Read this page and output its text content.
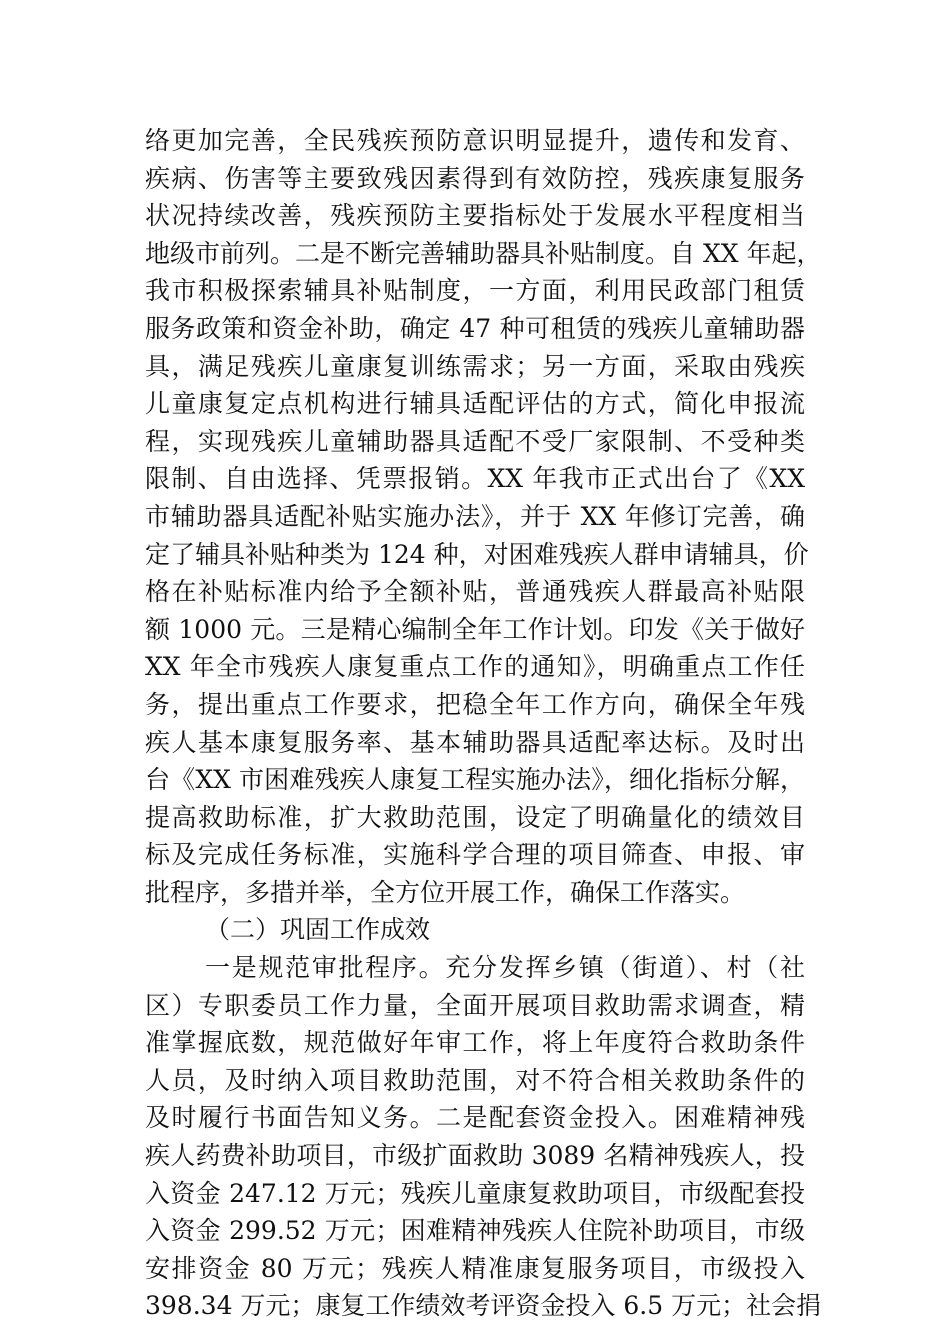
络更加完善，全民残疾预防意识明显提升，遗传和发育、
疾病、伤害等主要致残因素得到有效防控，残疾康复服务
状况持续改善，残疾预防主要指标处于发展水平程度相当
地级市前列。二是不断完善辅助器具补贴制度。自 XX 年起，
我市积极探索辅具补贴制度，一方面，利用民政部门租赁
服务政策和资金补助，确定 47 种可租赁的残疾儿童辅助器
具，满足残疾儿童康复训练需求；另一方面，采取由残疾
儿童康复定点机构进行辅具适配评估的方式，简化申报流
程，实现残疾儿童辅助器具适配不受厂家限制、不受种类
限制、自由选择、凭票报销。XX 年我市正式出台了《XX
市辅助器具适配补贴实施办法》，并于 XX 年修订完善，确
定了辅具补贴种类为 124 种，对困难残疾人群申请辅具，价
格在补贴标准内给予全额补贴，普通残疾人群最高补贴限
额 1000 元。三是精心编制全年工作计划。印发《关于做好
XX 年全市残疾人康复重点工作的通知》，明确重点工作任
务，提出重点工作要求，把稳全年工作方向，确保全年残
疾人基本康复服务率、基本辅助器具适配率达标。及时出
台《XX 市困难残疾人康复工程实施办法》，细化指标分解，
提高救助标准，扩大救助范围，设定了明确量化的绩效目
标及完成任务标准，实施科学合理的项目筛查、申报、审
批程序，多措并举，全方位开展工作，确保工作落实。
（二）巩固工作成效
一是规范审批程序。充分发挥乡镇（街道）、村（社
区）专职委员工作力量，全面开展项目救助需求调查，精
准掌握底数，规范做好年审工作，将上年度符合救助条件
人员，及时纳入项目救助范围，对不符合相关救助条件的
及时履行书面告知义务。二是配套资金投入。困难精神残
疾人药费补助项目，市级扩面救助 3089 名精神残疾人，投
入资金 247.12 万元；残疾儿童康复救助项目，市级配套投
入资金 299.52 万元；困难精神残疾人住院补助项目，市级
安排资金 80 万元；残疾人精准康复服务项目，市级投入
398.34 万元；康复工作绩效考评资金投入 6.5 万元；社会捐
